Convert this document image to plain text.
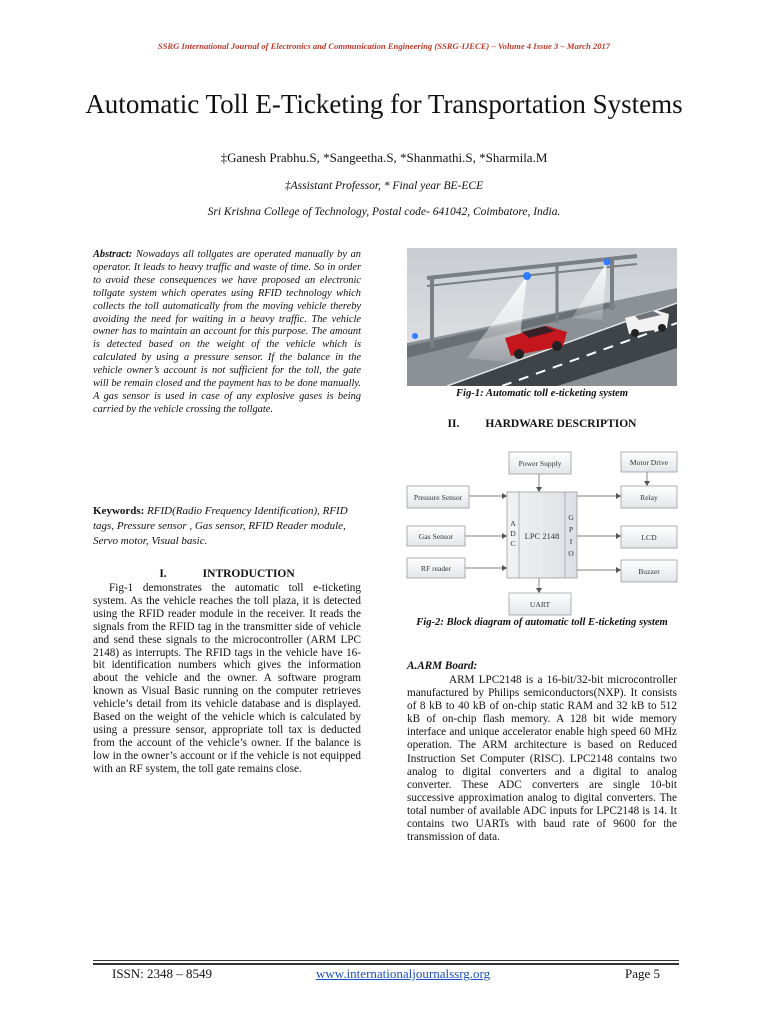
SSRG International Journal of Electronics and Communication Engineering (SSRG-IJECE) – Volume 4 Issue 3 – March 2017
Automatic Toll E-Ticketing for Transportation Systems
‡Ganesh Prabhu.S, *Sangeetha.S, *Shanmathi.S, *Sharmila.M
‡Assistant Professor, * Final year BE-ECE
Sri Krishna College of Technology, Postal code- 641042, Coimbatore, India.
Abstract: Nowadays all tollgates are operated manually by an operator. It leads to heavy traffic and waste of time. So in order to avoid these consequences we have proposed an electronic tollgate system which operates using RFID technology which collects the toll automatically from the moving vehicle thereby avoiding the need for waiting in a heavy traffic. The vehicle owner has to maintain an account for this purpose. The amount is detected based on the weight of the vehicle which is calculated by using a pressure sensor. If the balance in the vehicle owner’s account is not sufficient for the toll, the gate will be remain closed and the payment has to be done manually. A gas sensor is used in case of any explosive gases is being carried by the vehicle crossing the tollgate.
Keywords: RFID(Radio Frequency Identification), RFID tags, Pressure sensor , Gas sensor, RFID Reader module, Servo motor, Visual basic.
I.	INTRODUCTION
Fig-1 demonstrates the automatic toll e-ticketing system. As the vehicle reaches the toll plaza, it is detected using the RFID reader module in the receiver. It reads the signals from the RFID tag in the transmitter side of vehicle and send these signals to the microcontroller (ARM LPC 2148) as interrupts. The RFID tags in the vehicle have 16-bit identification numbers which gives the information about the vehicle and the owner. A software program known as Visual Basic running on the computer retrieves vehicle’s detail from its vehicle database and is displayed. Based on the weight of the vehicle which is calculated by using a pressure sensor, appropriate toll tax is deducted from the account of the vehicle’s owner. If the balance is low in the owner’s account or if the vehicle is not equipped with an RF system, the toll gate remains close.
Fig-1: Automatic toll e-ticketing system
II. HARDWARE DESCRIPTION
Power Supply	Motor Drive
Pressure Sensor	Relay
Gas Sensor	LPC 2148	LCD
RF reader	Buzzer
UART
A
D
C
G
P
I
O
Fig-2: Block diagram of automatic toll E-ticketing system
A.ARM Board:
ARM LPC2148 is a 16-bit/32-bit microcontroller manufactured by Philips semiconductors(NXP). It consists of 8 kB to 40 kB of on-chip static RAM and 32 kB to 512 kB of on-chip flash memory. A 128 bit wide memory interface and unique accelerator enable high speed 60 MHz operation. The ARM architecture is based on Reduced Instruction Set Computer (RISC). LPC2148 contains two analog to digital converters and a digital to analog converter. These ADC converters are single 10-bit successive approximation analog to digital converters. The total number of available ADC inputs for LPC2148 is 14. It contains two UARTs with baud rate of 9600 for the transmission of data.
ISSN: 2348 – 8549	www.internationaljournalssrg.org	Page 5
